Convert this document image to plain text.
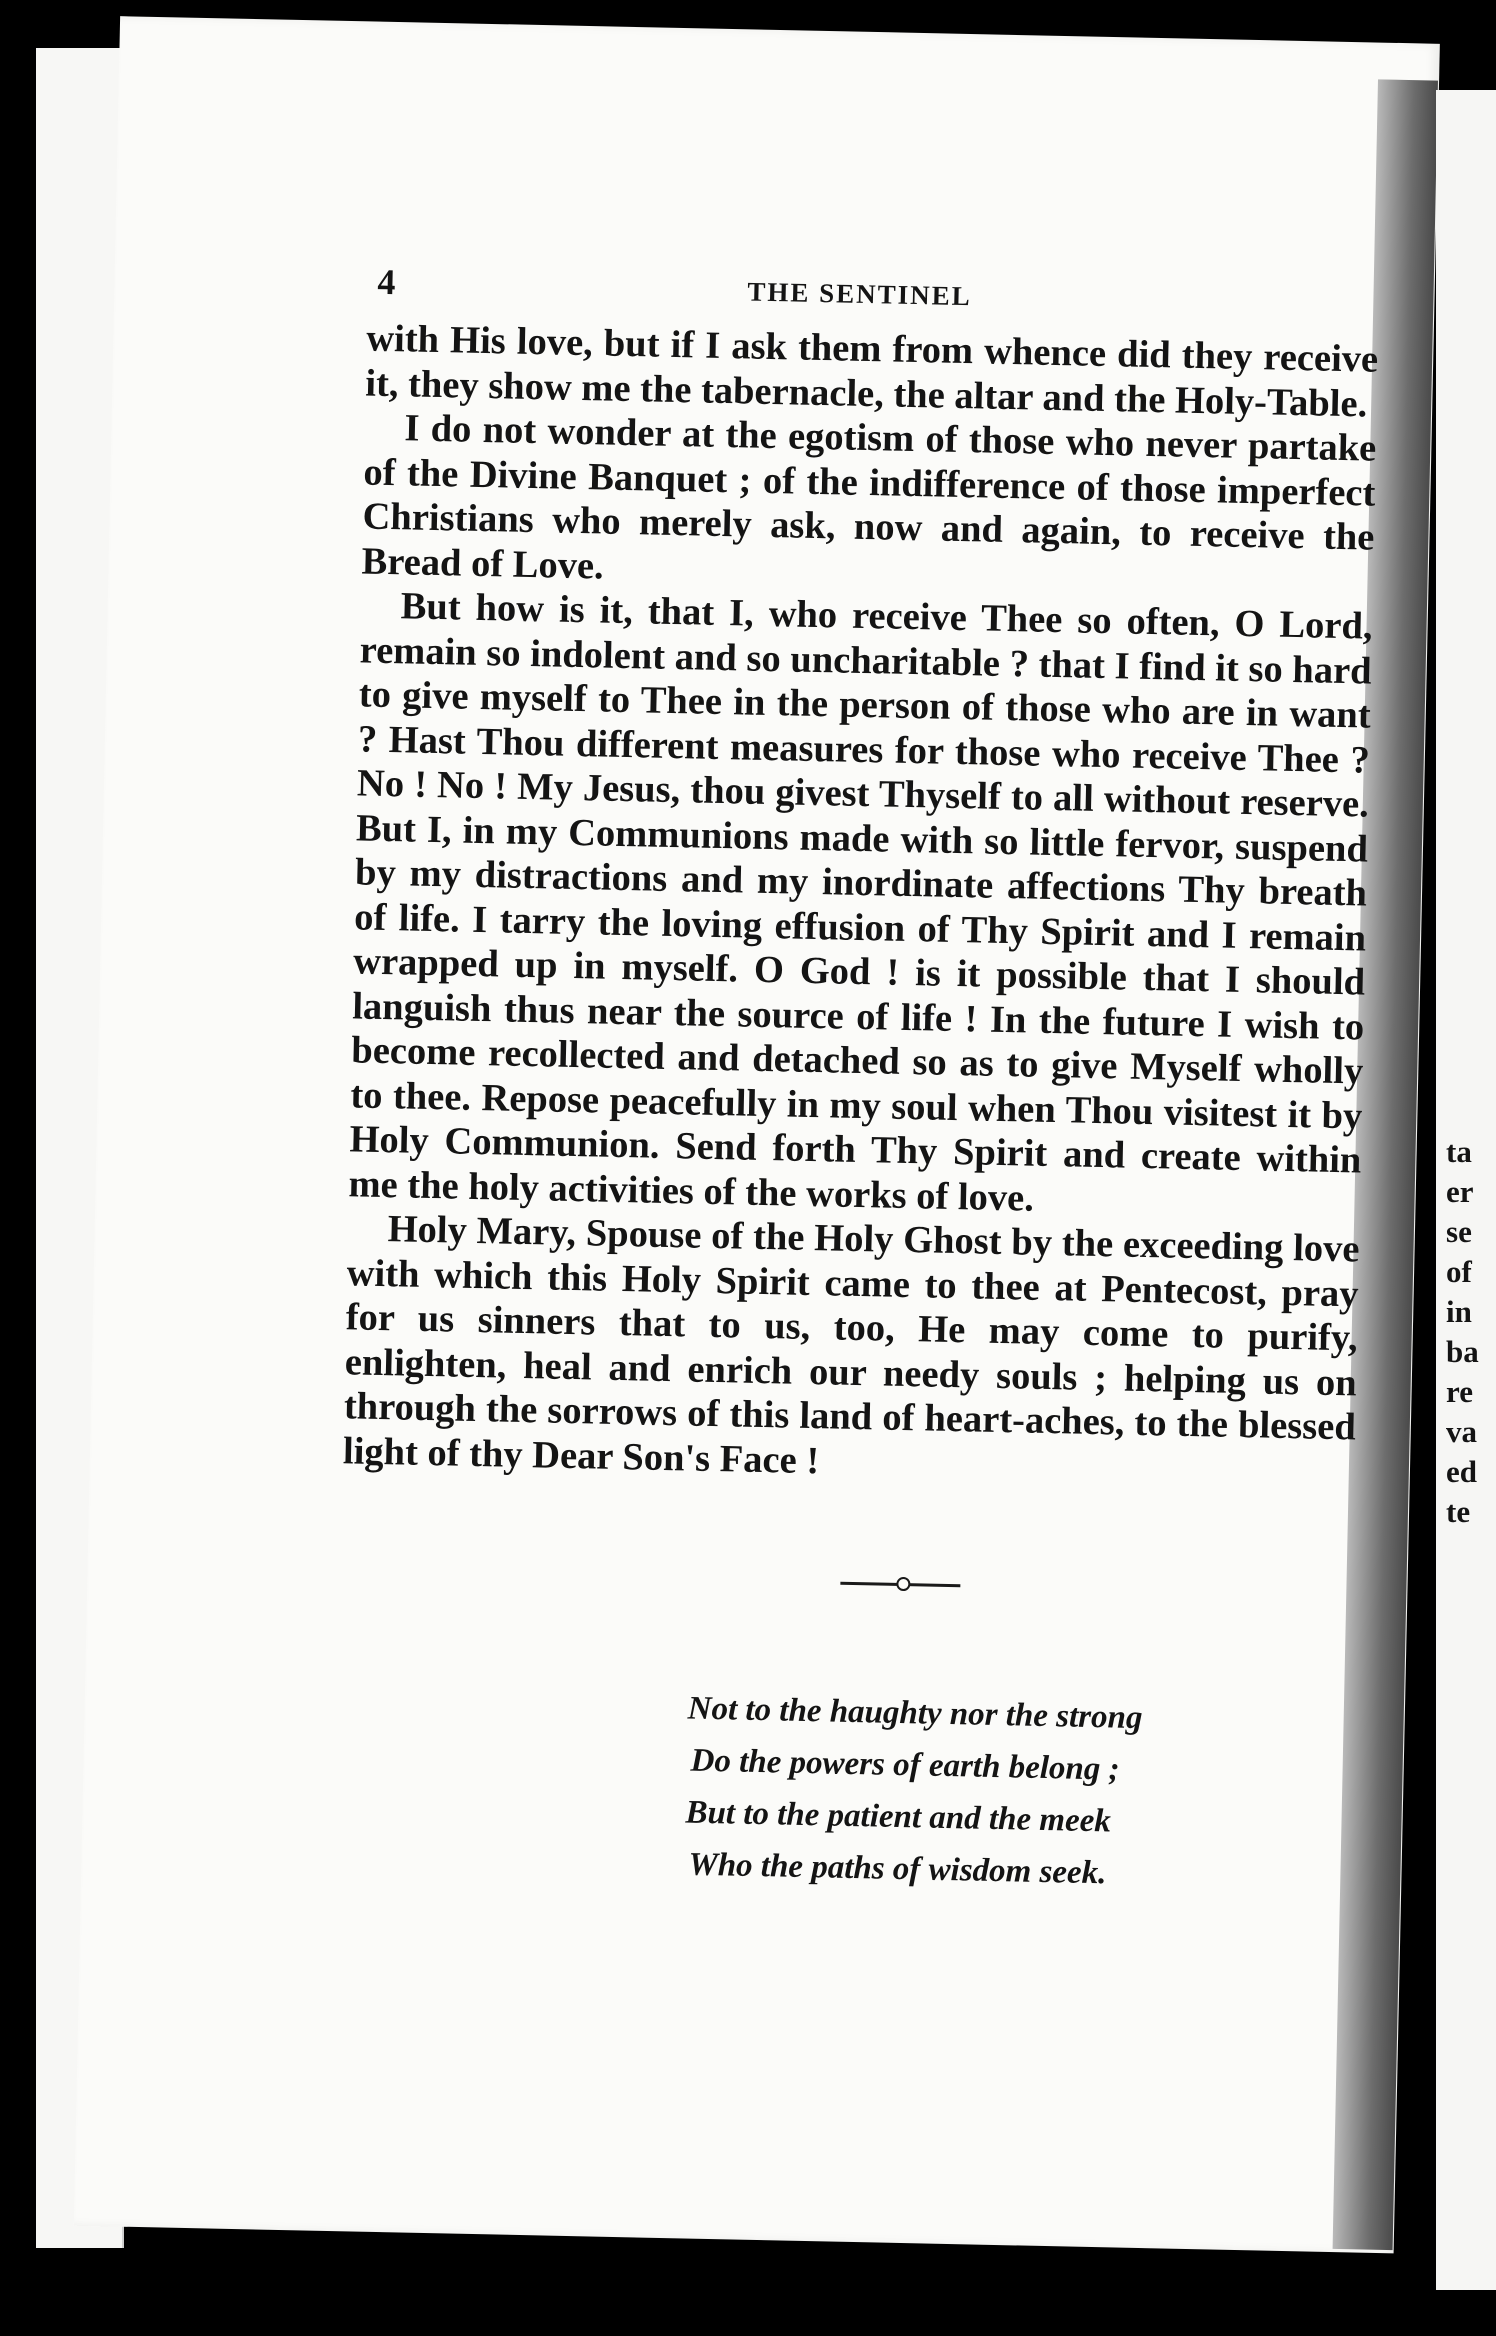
ta
er
se
of
in
ba
re
va
ed
te
4	THE SENTINEL

with His love, but if I ask them from whence did they receive it, they show me the tabernacle, the altar and the Holy-Table.

I do not wonder at the egotism of those who never partake of the Divine Banquet ; of the indifference of those imperfect Christians who merely ask, now and again, to receive the Bread of Love.

But how is it, that I, who receive Thee so often, O Lord, remain so indolent and so uncharitable ? that I find it so hard to give myself to Thee in the person of those who are in want ? Hast Thou different measures for those who receive Thee ? No ! No ! My Jesus, thou givest Thyself to all without reserve. But I, in my Communions made with so little fervor, suspend by my distractions and my inordinate affections Thy breath of life. I tarry the loving effusion of Thy Spirit and I remain wrapped up in myself. O God ! is it possible that I should languish thus near the source of life ! In the future I wish to become recollected and detached so as to give Myself wholly to thee. Repose peacefully in my soul when Thou visitest it by Holy Communion. Send forth Thy Spirit and create within me the holy activities of the works of love.

Holy Mary, Spouse of the Holy Ghost by the exceeding love with which this Holy Spirit came to thee at Pentecost, pray for us sinners that to us, too, He may come to purify, enlighten, heal and enrich our needy souls ; helping us on through the sorrows of this land of heart-aches, to the blessed light of thy Dear Son's Face !

Not to the haughty nor the strong
Do the powers of earth belong ;
But to the patient and the meek
Who the paths of wisdom seek.
